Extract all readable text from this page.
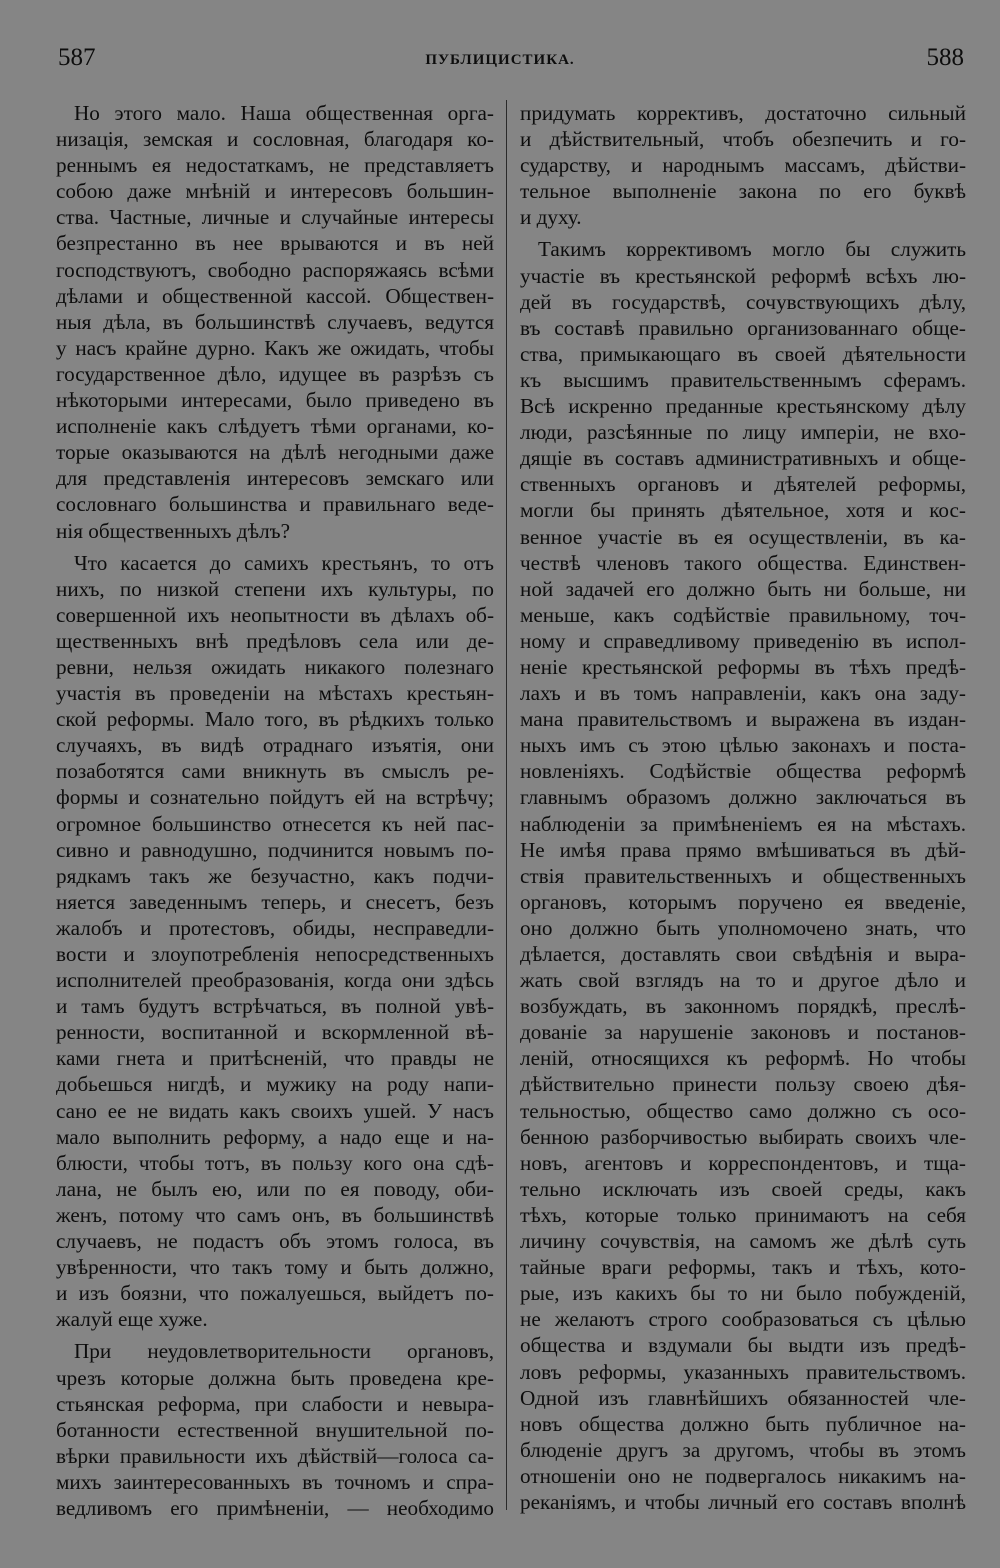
587	ПУБЛИЦИСТИКА.	588
Но этого мало. Наша общественная орга-
низація, земская и сословная, благодаря ко-
реннымъ ея недостаткамъ, не представляетъ
собою даже мнѣній и интересовъ большин-
ства. Частные, личные и случайные интересы
безпрестанно въ нее врываются и въ ней
господствуютъ, свободно распоряжаясь всѣми
дѣлами и общественной кассой. Обществен-
ныя дѣла, въ большинствѣ случаевъ, ведутся
у насъ крайне дурно. Какъ же ожидать, чтобы
государственное дѣло, идущее въ разрѣзъ съ
нѣкоторыми интересами, было приведено въ
исполненіе какъ слѣдуетъ тѣми органами, ко-
торые оказываются на дѣлѣ негодными даже
для представленія интересовъ земскаго или
сословнаго большинства и правильнаго веде-
нія общественныхъ дѣлъ?
Что касается до самихъ крестьянъ, то отъ
нихъ, по низкой степени ихъ культуры, по
совершенной ихъ неопытности въ дѣлахъ об-
щественныхъ внѣ предѣловъ села или де-
ревни, нельзя ожидать никакого полезнаго
участія въ проведеніи на мѣстахъ крестьян-
ской реформы. Мало того, въ рѣдкихъ только
случаяхъ, въ видѣ отраднаго изъятія, они
позаботятся сами вникнуть въ смыслъ ре-
формы и сознательно пойдутъ ей на встрѣчу;
огромное большинство отнесется къ ней пас-
сивно и равнодушно, подчинится новымъ по-
рядкамъ такъ же безучастно, какъ подчи-
няется заведеннымъ теперь, и снесетъ, безъ
жалобъ и протестовъ, обиды, несправедли-
вости и злоупотребленія непосредственныхъ
исполнителей преобразованія, когда они здѣсь
и тамъ будутъ встрѣчаться, въ полной увѣ-
ренности, воспитанной и вскормленной вѣ-
ками гнета и притѣсненій, что правды не
добьешься нигдѣ, и мужику на роду напи-
сано ее не видать какъ своихъ ушей. У насъ
мало выполнить реформу, а надо еще и на-
блюсти, чтобы тотъ, въ пользу кого она сдѣ-
лана, не былъ ею, или по ея поводу, оби-
женъ, потому что самъ онъ, въ большинствѣ
случаевъ, не подастъ объ этомъ голоса, въ
увѣренности, что такъ тому и быть должно,
и изъ боязни, что пожалуешься, выйдетъ по-
жалуй еще хуже.
При неудовлетворительности органовъ,
чрезъ которые должна быть проведена кре-
стьянская реформа, при слабости и невыра-
ботанности естественной внушительной по-
вѣрки правильности ихъ дѣйствій—голоса са-
михъ заинтересованныхъ въ точномъ и спра-
ведливомъ его примѣненіи, — необходимо
придумать коррективъ, достаточно сильный
и дѣйствительный, чтобъ обезпечить и го-
сударству, и народнымъ массамъ, дѣйстви-
тельное выполненіе закона по его буквѣ
и духу.
Такимъ коррективомъ могло бы служить
участіе въ крестьянской реформѣ всѣхъ лю-
дей въ государствѣ, сочувствующихъ дѣлу,
въ составѣ правильно организованнаго обще-
ства, примыкающаго въ своей дѣятельности
къ высшимъ правительственнымъ сферамъ.
Всѣ искренно преданные крестьянскому дѣлу
люди, разсѣянные по лицу имперіи, не вхо-
дящіе въ составъ административныхъ и обще-
ственныхъ органовъ и дѣятелей реформы,
могли бы принять дѣятельное, хотя и кос-
венное участіе въ ея осуществленіи, въ ка-
чествѣ членовъ такого общества. Единствен-
ной задачей его должно быть ни больше, ни
меньше, какъ содѣйствіе правильному, точ-
ному и справедливому приведенію въ испол-
неніе крестьянской реформы въ тѣхъ предѣ-
лахъ и въ томъ направленіи, какъ она заду-
мана правительствомъ и выражена въ издан-
ныхъ имъ съ этою цѣлью законахъ и поста-
новленіяхъ. Содѣйствіе общества реформѣ
главнымъ образомъ должно заключаться въ
наблюденіи за примѣненіемъ ея на мѣстахъ.
Не имѣя права прямо вмѣшиваться въ дѣй-
ствія правительственныхъ и общественныхъ
органовъ, которымъ поручено ея введеніе,
оно должно быть уполномочено знать, что
дѣлается, доставлять свои свѣдѣнія и выра-
жать свой взглядъ на то и другое дѣло и
возбуждать, въ законномъ порядкѣ, преслѣ-
дованіе за нарушеніе законовъ и постанов-
леній, относящихся къ реформѣ. Но чтобы
дѣйствительно принести пользу своею дѣя-
тельностью, общество само должно съ осо-
бенною разборчивостью выбирать своихъ чле-
новъ, агентовъ и корреспондентовъ, и тща-
тельно исключать изъ своей среды, какъ
тѣхъ, которые только принимаютъ на себя
личину сочувствія, на самомъ же дѣлѣ суть
тайные враги реформы, такъ и тѣхъ, кото-
рые, изъ какихъ бы то ни было побужденій,
не желаютъ строго сообразоваться съ цѣлью
общества и вздумали бы выдти изъ предѣ-
ловъ реформы, указанныхъ правительствомъ.
Одной изъ главнѣйшихъ обязанностей чле-
новъ общества должно быть публичное на-
блюденіе другъ за другомъ, чтобы въ этомъ
отношеніи оно не подвергалось никакимъ на-
реканіямъ, и чтобы личный его составъ вполнѣ
